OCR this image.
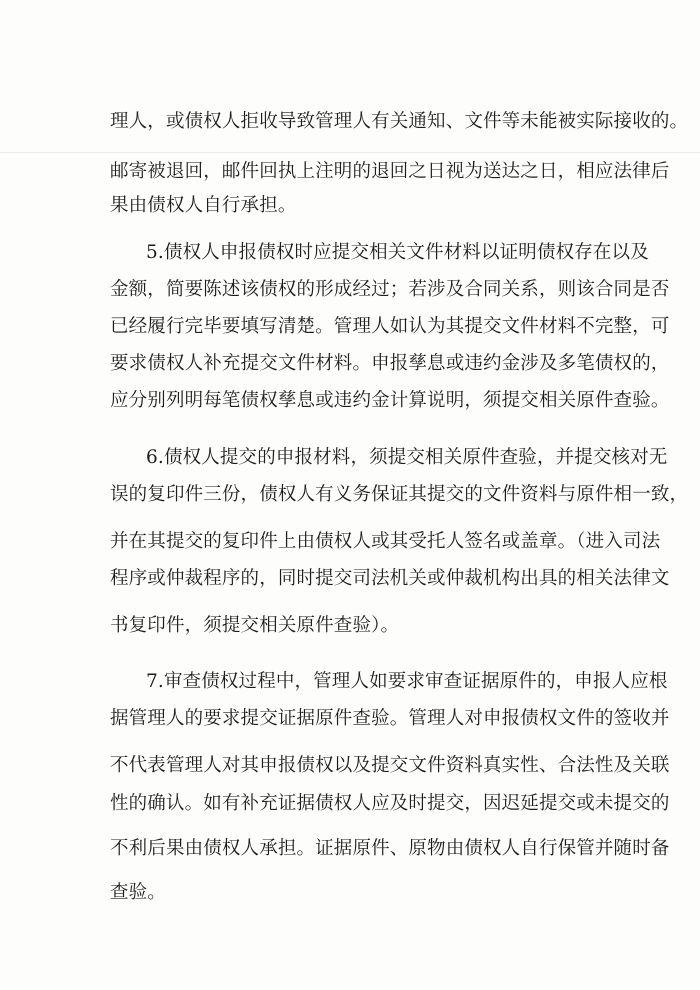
理人，或债权人拒收导致管理人有关通知、文件等未能被实际接收的。
邮寄被退回，邮件回执上注明的退回之日视为送达之日，相应法律后
果由债权人自行承担。
5.债权人申报债权时应提交相关文件材料以证明债权存在以及
金额，简要陈述该债权的形成经过；若涉及合同关系，则该合同是否
已经履行完毕要填写清楚。管理人如认为其提交文件材料不完整，可
要求债权人补充提交文件材料。申报孳息或违约金涉及多笔债权的，
应分别列明每笔债权孳息或违约金计算说明，须提交相关原件查验。
6.债权人提交的申报材料，须提交相关原件查验，并提交核对无
误的复印件三份，债权人有义务保证其提交的文件资料与原件相一致，
并在其提交的复印件上由债权人或其受托人签名或盖章。（进入司法
程序或仲裁程序的，同时提交司法机关或仲裁机构出具的相关法律文
书复印件，须提交相关原件查验）。
7.审查债权过程中，管理人如要求审查证据原件的，申报人应根
据管理人的要求提交证据原件查验。管理人对申报债权文件的签收并
不代表管理人对其申报债权以及提交文件资料真实性、合法性及关联
性的确认。如有补充证据债权人应及时提交，因迟延提交或未提交的
不利后果由债权人承担。证据原件、原物由债权人自行保管并随时备
查验。
